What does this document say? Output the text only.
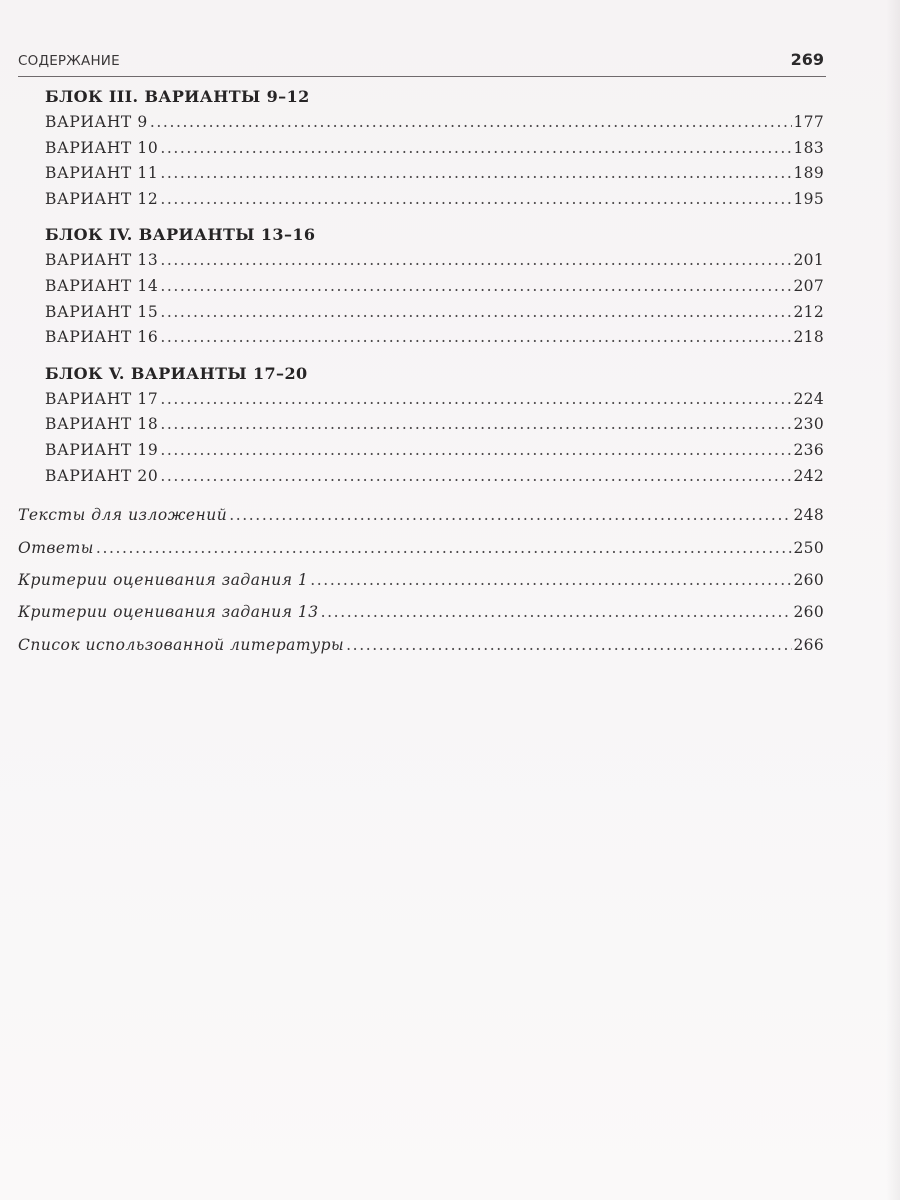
СОДЕРЖАНИЕ	269
БЛОК III. ВАРИАНТЫ 9–12
ВАРИАНТ 9 .....	177
ВАРИАНТ 10 .....	183
ВАРИАНТ 11 .....	189
ВАРИАНТ 12 .....	195
БЛОК IV. ВАРИАНТЫ 13–16
ВАРИАНТ 13 .....	201
ВАРИАНТ 14 .....	207
ВАРИАНТ 15 .....	212
ВАРИАНТ 16 .....	218
БЛОК V. ВАРИАНТЫ 17–20
ВАРИАНТ 17 .....	224
ВАРИАНТ 18 .....	230
ВАРИАНТ 19 .....	236
ВАРИАНТ 20 .....	242
Тексты для изложений .....	248
Ответы .....	250
Критерии оценивания задания 1 .....	260
Критерии оценивания задания 13 .....	260
Список использованной литературы .....	266
